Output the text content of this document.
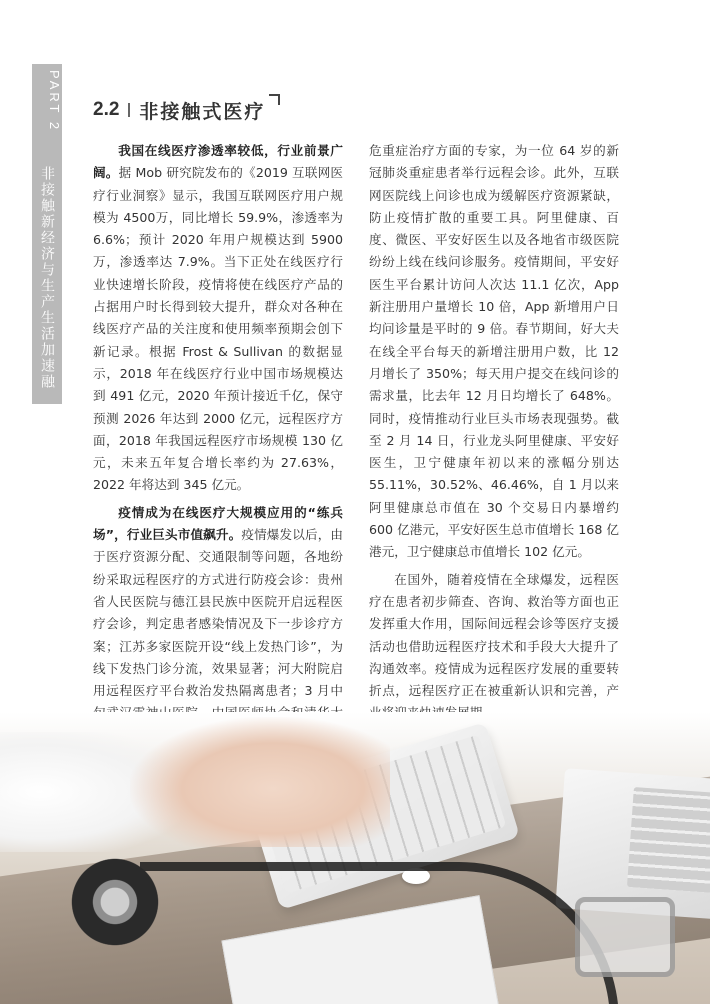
PART 2
非接触新经济与生产生活加速融合
2.2 非接触式医疗

我国在线医疗渗透率较低，行业前景广阔。据 Mob 研究院发布的《2019 互联网医疗行业洞察》显示，我国互联网医疗用户规模为 4500万，同比增长 59.9%，渗透率为 6.6%；预计 2020 年用户规模达到 5900 万，渗透率达 7.9%。当下正处在线医疗行业快速增长阶段，疫情将使在线医疗产品的占据用户时长得到较大提升，群众对各种在线医疗产品的关注度和使用频率预期会创下新记录。根据 Frost & Sullivan 的数据显示，2018 年在线医疗行业中国市场规模达到 491 亿元，2020 年预计接近千亿，保守预测 2026 年达到 2000 亿元，远程医疗方面，2018 年我国远程医疗市场规模 130 亿元，未来五年复合增长率约为 27.63%，2022 年将达到 345 亿元。

疫情成为在线医疗大规模应用的“练兵场”，行业巨头市值飙升。疫情爆发以后，由于医疗资源分配、交通限制等问题，各地纷纷采取远程医疗的方式进行防疫会诊：贵州省人民医院与德江县民族中医院开启远程医疗会诊，判定患者感染情况及下一步诊疗方案；江苏多家医院开设“线上发热门诊”，为线下发热门诊分流，效果显著；河大附院启用远程医疗平台救治发热隔离患者；3 月中

危重症治疗方面的专家，为一位 64 岁的新冠肺炎重症患者举行远程会诊。此外，互联网医院线上问诊也成为缓解医疗资源紧缺，防止疫情扩散的重要工具。阿里健康、百度、微医、平安好医生以及各地省市级医院纷纷上线在线问诊服务。疫情期间，平安好医生平台累计访问人次达 11.1 亿次，App 新注册用户量增长 10 倍，App 新增用户日均问诊量是平时的 9 倍。春节期间，好大夫在线全平台每天的新增注册用户数，比 12 月增长了 350%；每天用户提交在线问诊的需求量，比去年 12 月日均增长了 648%。同时，疫情推动行业巨头市场表现强势。截至 2 月 14 日，行业龙头阿里健康、平安好医生，卫宁健康年初以来的涨幅分别达 55.11%，30.52%、46.46%，自 1 月以来阿里健康总市值在 30 个交易日内暴增约 600 亿港元，平安好医生总市值增长 168 亿港元，卫宁健康总市值增长 102 亿元。

在国外，随着疫情在全球爆发，远程医疗在患者初步筛查、咨询、救治等方面也正发挥重大作用，国际间远程会诊等医疗支援活动也借助远程医疗技术和手段大大提升了沟通效率。疫情成为远程医疗发展的重要转折点，远程医疗正在被重新认识和完善，产
